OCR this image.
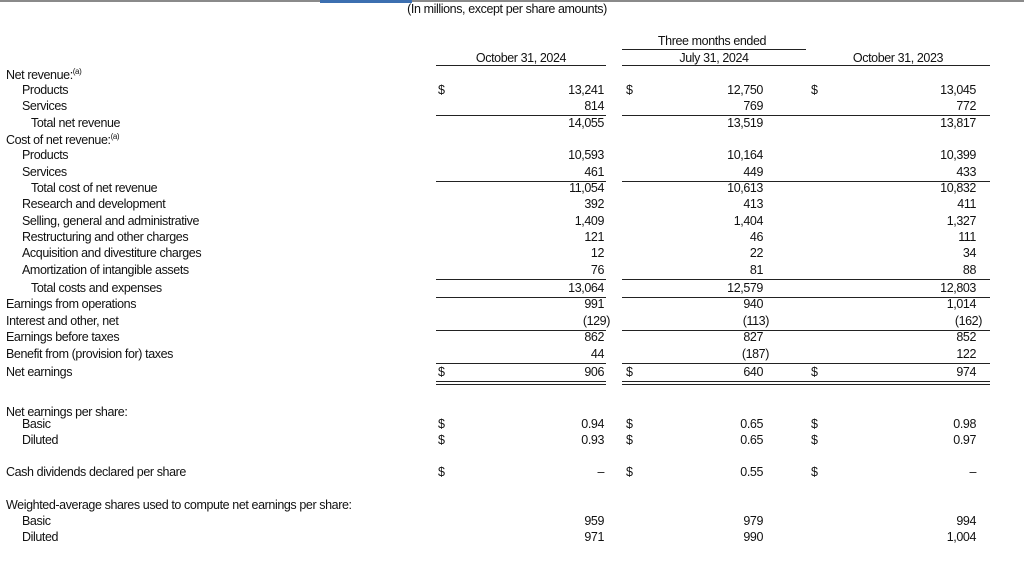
(In millions, except per share amounts)
Three months ended
October 31, 2024	July 31, 2024	October 31, 2023
Net revenue:$^{(a)}$
Products	$	13,241 $	12,750	$	13,045
Services	814	769	772
Total net revenue	14,055	13,519	13,817
Cost of net revenue:$^{(a)}$
Products	10,593	10,164	10,399
Services	461	449	433
Total cost of net revenue	11,054	10,613	10,832
Research and development	392	413	411
Selling, general and administrative	1,409	1,404	1,327
Restructuring and other charges	121	46	111
Acquisition and divestiture charges	12	22	34
Amortization of intangible assets	76	81	88
Total costs and expenses	13,064	12,579	12,803
Earnings from operations	991	940	1,014
Interest and other, net	(129)	(113)	(162)
Earnings before taxes	862	827	852
Benefit from (provision for) taxes	44	(187)	122
Net earnings	$	906 $	640	$	974
Net earnings per share:
Basic	$	0.94 $	0.65	$	0.98
Diluted	$	0.93 $	0.65	$	0.97
Cash dividends declared per share	$	– $	0.55	$	–
Weighted-average shares used to compute net earnings per share:
Basic	959	979	994
Diluted	971	990	1,004
